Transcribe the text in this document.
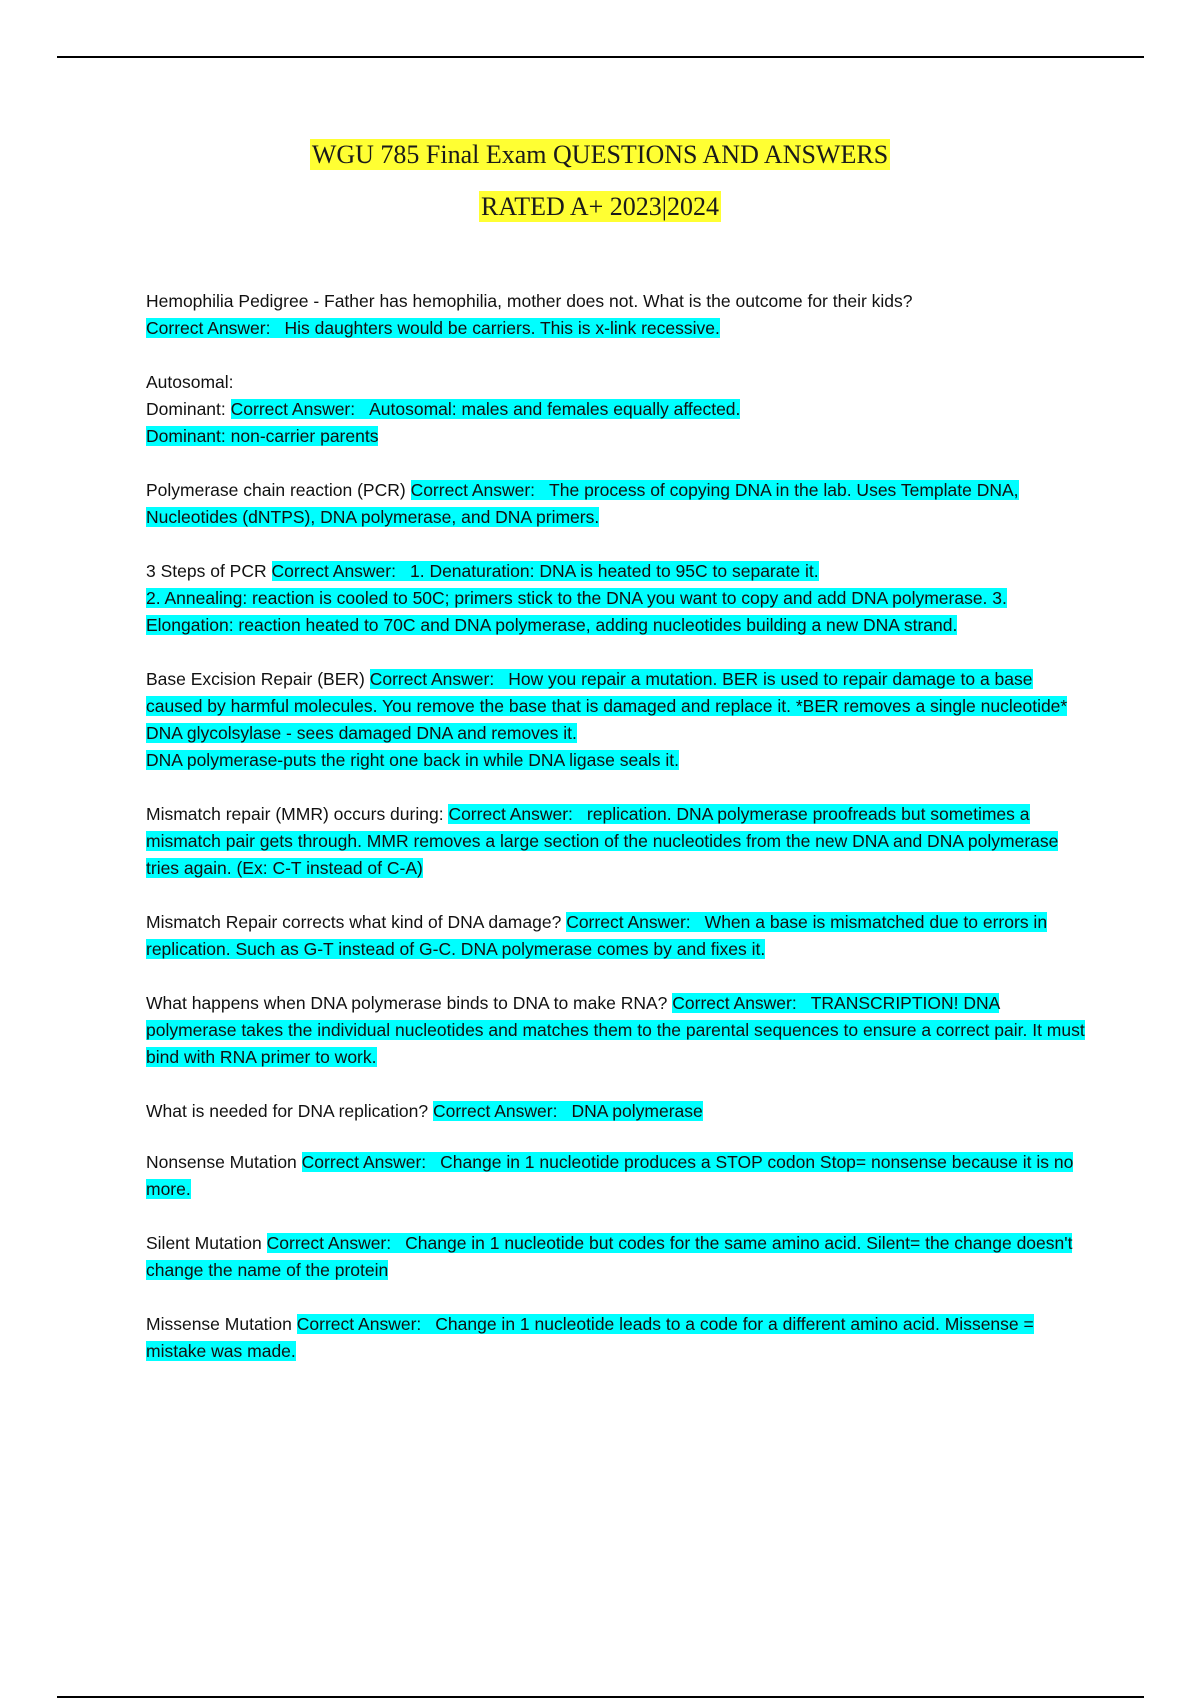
WGU 785 Final Exam QUESTIONS AND ANSWERS

RATED A+ 2023|2024

Hemophilia Pedigree - Father has hemophilia, mother does not. What is the outcome for their kids?
Correct Answer: His daughters would be carriers. This is x-link recessive.
Autosomal:
Dominant: Correct Answer: Autosomal: males and females equally affected.
Dominant: non-carrier parents
Polymerase chain reaction (PCR) Correct Answer: The process of copying DNA in the lab. Uses Template DNA, Nucleotides (dNTPS), DNA polymerase, and DNA primers.
3 Steps of PCR Correct Answer: 1. Denaturation: DNA is heated to 95C to separate it.
2. Annealing: reaction is cooled to 50C; primers stick to the DNA you want to copy and add DNA polymerase. 3. Elongation: reaction heated to 70C and DNA polymerase, adding nucleotides building a new DNA strand.
Base Excision Repair (BER) Correct Answer: How you repair a mutation. BER is used to repair damage to a base caused by harmful molecules. You remove the base that is damaged and replace it. *BER removes a single nucleotide*
DNA glycolsylase - sees damaged DNA and removes it.
DNA polymerase-puts the right one back in while DNA ligase seals it.
Mismatch repair (MMR) occurs during: Correct Answer: replication. DNA polymerase proofreads but sometimes a mismatch pair gets through. MMR removes a large section of the nucleotides from the new DNA and DNA polymerase tries again. (Ex: C-T instead of C-A)
Mismatch Repair corrects what kind of DNA damage? Correct Answer: When a base is mismatched due to errors in replication. Such as G-T instead of G-C. DNA polymerase comes by and fixes it.
What happens when DNA polymerase binds to DNA to make RNA? Correct Answer: TRANSCRIPTION! DNA polymerase takes the individual nucleotides and matches them to the parental sequences to ensure a correct pair. It must bind with RNA primer to work.
What is needed for DNA replication? Correct Answer: DNA polymerase
Nonsense Mutation Correct Answer: Change in 1 nucleotide produces a STOP codon Stop= nonsense because it is no more.
Silent Mutation Correct Answer: Change in 1 nucleotide but codes for the same amino acid. Silent= the change doesn't change the name of the protein
Missense Mutation Correct Answer: Change in 1 nucleotide leads to a code for a different amino acid. Missense = mistake was made.
